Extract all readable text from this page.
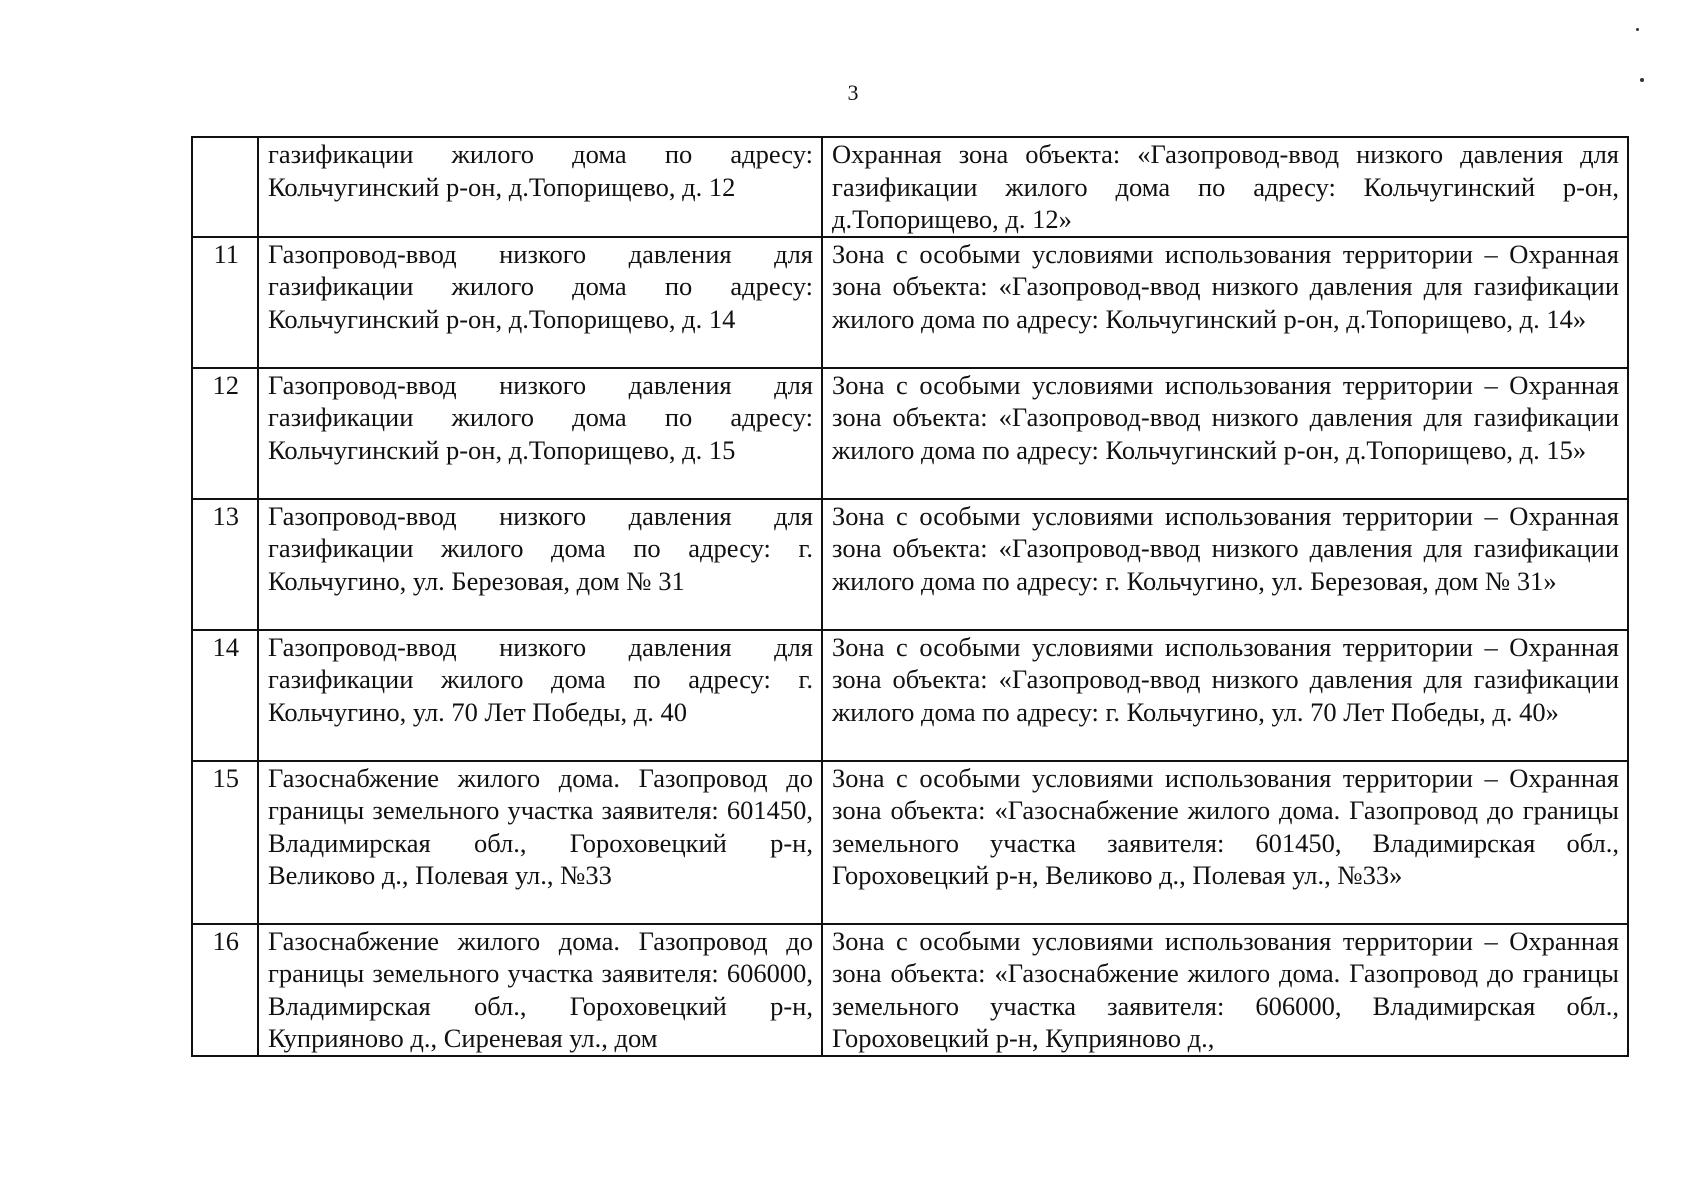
3
	газификации жилого дома по адресу: Кольчугинский р-он, д.Топорищево, д. 12	Охранная зона объекта: «Газопровод-ввод низкого давления для газификации жилого дома по адресу: Кольчугинский р-он, д.Топорищево, д. 12»
11	Газопровод-ввод низкого давления для газификации жилого дома по адресу: Кольчугинский р-он, д.Топорищево, д. 14	Зона с особыми условиями использования территории – Охранная зона объекта: «Газопровод-ввод низкого давления для газификации жилого дома по адресу: Кольчугинский р-он, д.Топорищево, д. 14»
12	Газопровод-ввод низкого давления для газификации жилого дома по адресу: Кольчугинский р-он, д.Топорищево, д. 15	Зона с особыми условиями использования территории – Охранная зона объекта: «Газопровод-ввод низкого давления для газификации жилого дома по адресу: Кольчугинский р-он, д.Топорищево, д. 15»
13	Газопровод-ввод низкого давления для газификации жилого дома по адресу: г. Кольчугино, ул. Березовая, дом № 31	Зона с особыми условиями использования территории – Охранная зона объекта: «Газопровод-ввод низкого давления для газификации жилого дома по адресу: г. Кольчугино, ул. Березовая, дом № 31»
14	Газопровод-ввод низкого давления для газификации жилого дома по адресу: г. Кольчугино, ул. 70 Лет Победы, д. 40	Зона с особыми условиями использования территории – Охранная зона объекта: «Газопровод-ввод низкого давления для газификации жилого дома по адресу: г. Кольчугино, ул. 70 Лет Победы, д. 40»
15	Газоснабжение жилого дома. Газопровод до границы земельного участка заявителя: 601450, Владимирская обл., Гороховецкий р-н, Великово д., Полевая ул., №33	Зона с особыми условиями использования территории – Охранная зона объекта: «Газоснабжение жилого дома. Газопровод до границы земельного участка заявителя: 601450, Владимирская обл., Гороховецкий р-н, Великово д., Полевая ул., №33»
16	Газоснабжение жилого дома. Газопровод до границы земельного участка заявителя: 606000, Владимирская обл., Гороховецкий р-н, Куприяново д., Сиреневая ул., дом	Зона с особыми условиями использования территории – Охранная зона объекта: «Газоснабжение жилого дома. Газопровод до границы земельного участка заявителя: 606000, Владимирская обл., Гороховецкий р-н, Куприяново д.,
